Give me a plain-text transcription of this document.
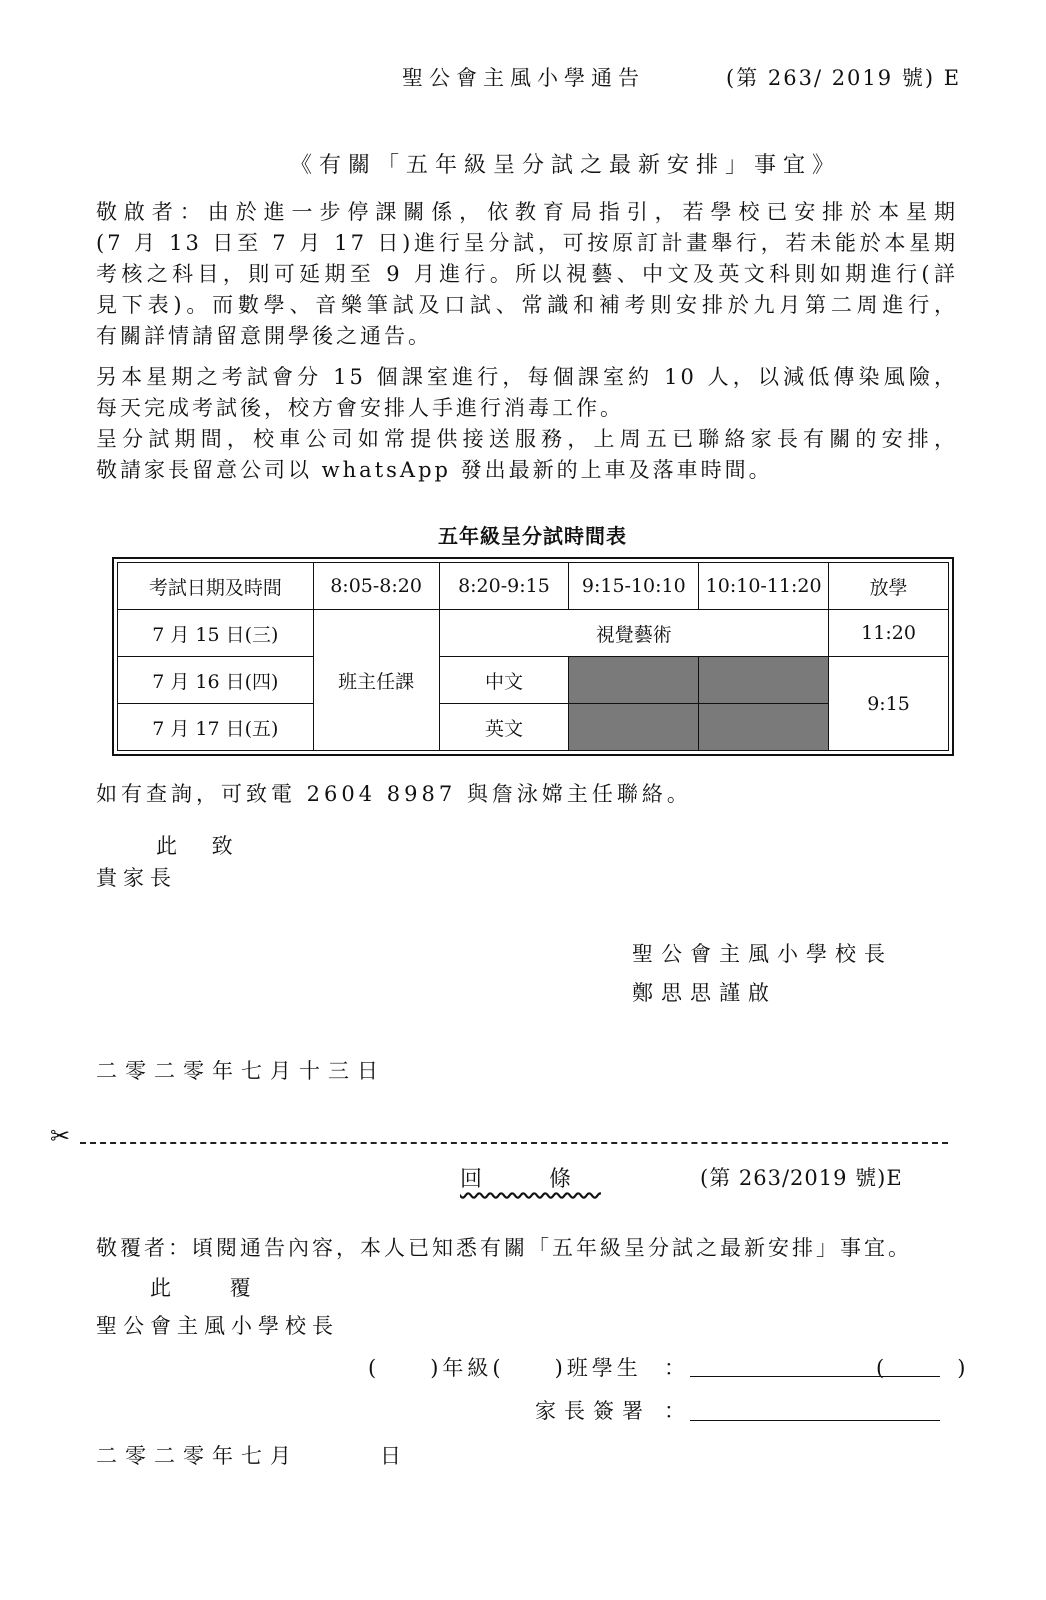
聖公會主風小學通告	(第 263/ 2019 號) E
《有關「五年級呈分試之最新安排」事宜》
敬啟者：由於進一步停課關係，依教育局指引，若學校已安排於本星期
(7 月 13 日至 7 月 17 日)進行呈分試，可按原訂計畫舉行，若未能於本星期
考核之科目，則可延期至 9 月進行。所以視藝、中文及英文科則如期進行(詳
見下表)。而數學、音樂筆試及口試、常識和補考則安排於九月第二周進行，
有關詳情請留意開學後之通告。
另本星期之考試會分 15 個課室進行，每個課室約 10 人，以減低傳染風險，
每天完成考試後，校方會安排人手進行消毒工作。
呈分試期間，校車公司如常提供接送服務，上周五已聯絡家長有關的安排，
敬請家長留意公司以 whatsApp 發出最新的上車及落車時間。
五年級呈分試時間表
考試日期及時間	8:05-8:20	8:20-9:15	9:15-10:10	10:10-11:20	放學
7 月 15 日(三)	班主任課	視覺藝術			11:20
7 月 16 日(四)		中文			9:15
7 月 17 日(五)		英文			
如有查詢，可致電 2604 8987 與詹泳嫦主任聯絡。
此 致
貴家長
聖公會主風小學校長
鄭思思謹啟
二零二零年七月十三日
✂
回 條	(第 263/2019 號)E
敬覆者：頃閱通告內容，本人已知悉有關「五年級呈分試之最新安排」事宜。
此 覆
聖公會主風小學校長
(　　)年級(　　)班學生 ：	(　)
家長簽署 ：
二零二零年七月	日
